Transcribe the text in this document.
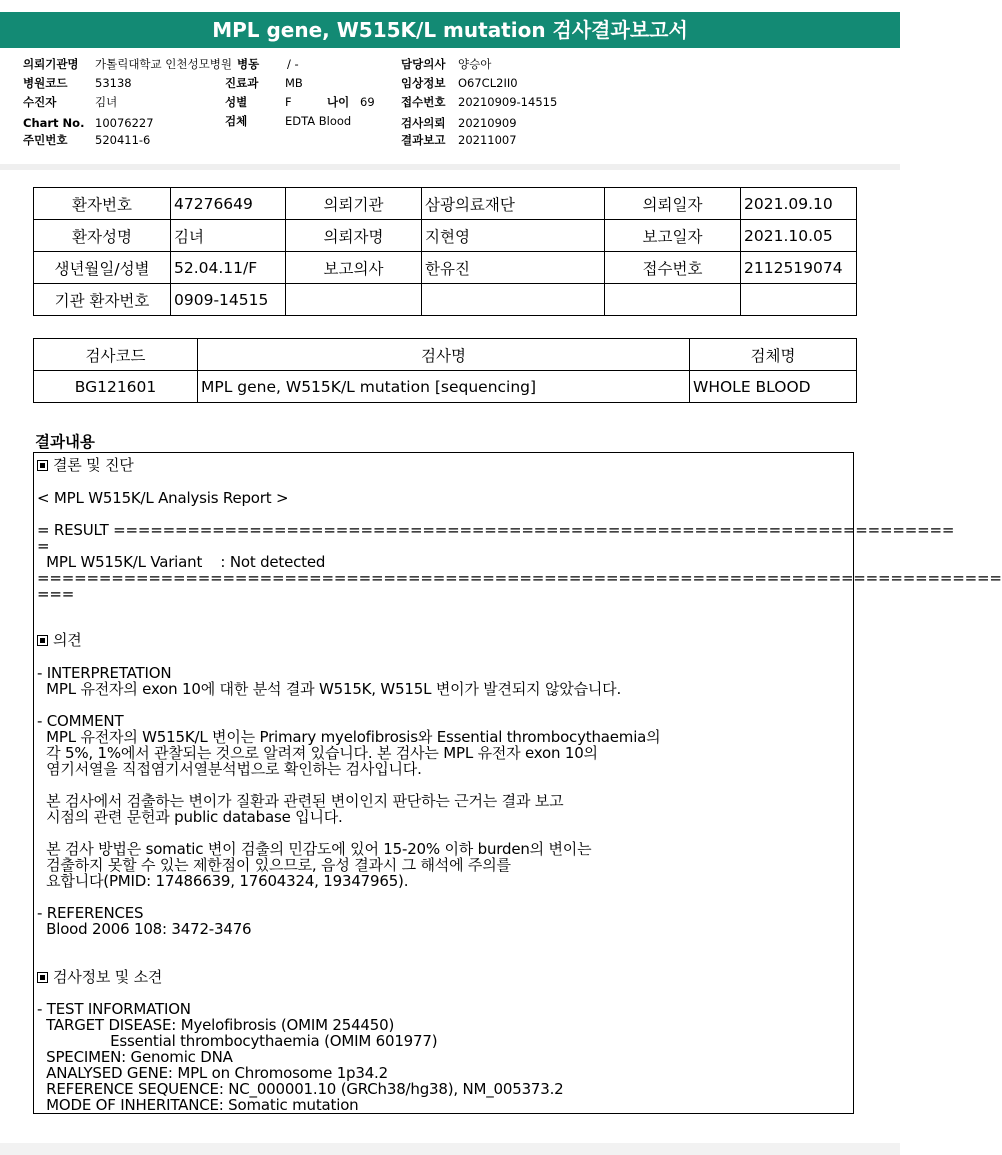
MPL gene, W515K/L mutation 검사결과보고서
의뢰기관명 가톨릭대학교 인천성모병원
병원코드 53138
수진자	김녀
Chart No. 10076227
주민번호 520411-6
병동 / -
진료과 MB
성별	F	나이 69
검체	EDTA Blood
담당의사 양승아
임상정보 O67CL2II0
접수번호 20210909-14515
검사의뢰 20210909
결과보고 20211007
환자번호	47276649	의뢰기관	삼광의료재단	의뢰일자	2021.09.10
환자성명	김녀	의뢰자명	지현영	보고일자	2021.10.05
생년월일/성별	52.04.11/F	보고의사	한유진	접수번호	2112519074
기관 환자번호	0909-14515				
검사코드	검사명	검체명
BG121601	MPL gene, W515K/L mutation [sequencing]	WHOLE BLOOD
결과내용
결론 및 진단
< MPL W515K/L Analysis Report >
= RESULT ====================================================================
=
MPL W515K/L Variant    : Not detected
==============================================================================
===
의견
- INTERPRETATION
MPL 유전자의 exon 10에 대한 분석 결과 W515K, W515L 변이가 발견되지 않았습니다.
- COMMENT
MPL 유전자의 W515K/L 변이는 Primary myelofibrosis와 Essential thrombocythaemia의
각 5%, 1%에서 관찰되는 것으로 알려져 있습니다. 본 검사는 MPL 유전자 exon 10의
염기서열을 직접염기서열분석법으로 확인하는 검사입니다.
본 검사에서 검출하는 변이가 질환과 관련된 변이인지 판단하는 근거는 결과 보고
시점의 관련 문헌과 public database 입니다.
본 검사 방법은 somatic 변이 검출의 민감도에 있어 15-20% 이하 burden의 변이는
검출하지 못할 수 있는 제한점이 있으므로, 음성 결과시 그 해석에 주의를
요합니다(PMID: 17486639, 17604324, 19347965).
- REFERENCES
Blood 2006 108: 3472-3476
검사정보 및 소견
- TEST INFORMATION
TARGET DISEASE: Myelofibrosis (OMIM 254450)
Essential thrombocythaemia (OMIM 601977)
SPECIMEN: Genomic DNA
ANALYSED GENE: MPL on Chromosome 1p34.2
REFERENCE SEQUENCE: NC_000001.10 (GRCh38/hg38), NM_005373.2
MODE OF INHERITANCE: Somatic mutation
